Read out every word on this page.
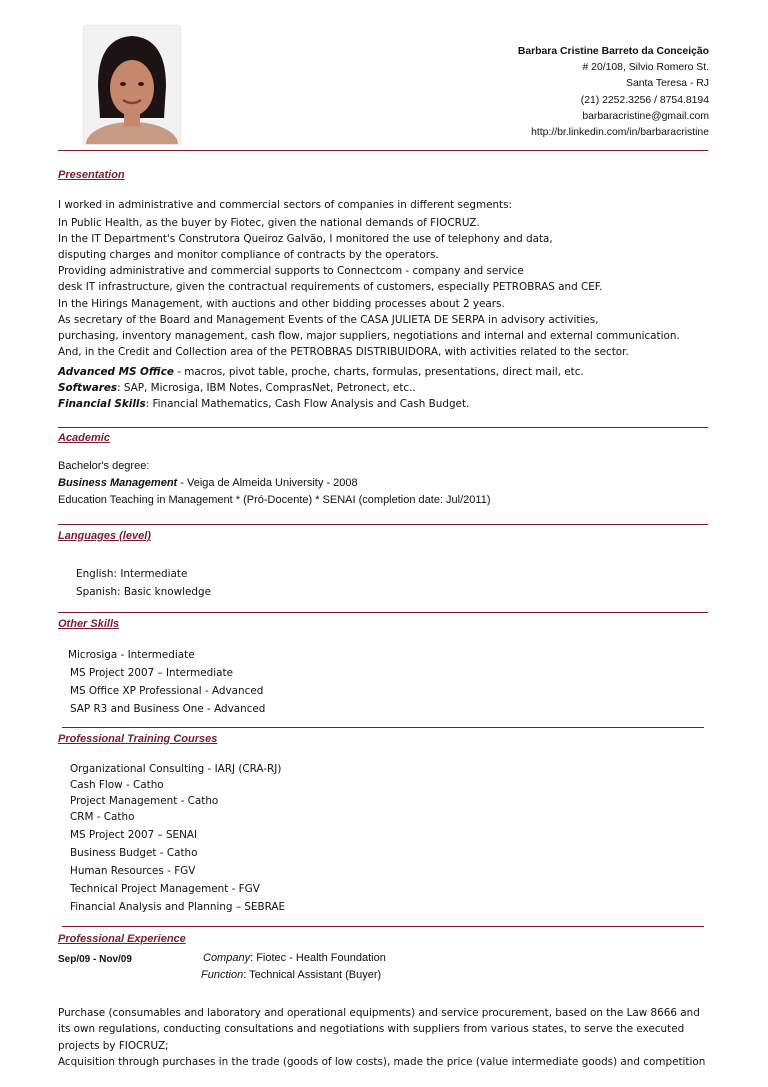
Barbara Cristine Barreto da Conceição
# 20/108, Silvio Romero St.
Santa Teresa - RJ
(21) 2252.3256 / 8754.8194
barbaracristine@gmail.com
http://br.linkedin.com/in/barbaracristine
Presentation
I worked in administrative and commercial sectors of companies in different segments:
In Public Health, as the buyer by Fiotec, given the national demands of FIOCRUZ.
In the IT Department's Construtora Queiroz Galvão, I monitored the use of telephony and data,
disputing charges and monitor compliance of contracts by the operators.
Providing administrative and commercial supports to Connectcom - company and service
desk IT infrastructure, given the contractual requirements of customers, especially PETROBRAS and CEF.
In the Hirings Management, with auctions and other bidding processes about 2 years.
As secretary of the Board and Management Events of the CASA JULIETA DE SERPA in advisory activities,
purchasing, inventory management, cash flow, major suppliers, negotiations and internal and external communication.
And, in the Credit and Collection area of the PETROBRAS DISTRIBUIDORA, with activities related to the sector.
Advanced MS Office - macros, pivot table, proche, charts, formulas, presentations, direct mail, etc.
Softwares: SAP, Microsiga, IBM Notes, ComprasNet, Petronect, etc..
Financial Skills: Financial Mathematics, Cash Flow Analysis and Cash Budget.
Academic
Bachelor's degree:
Business Management - Veiga de Almeida University - 2008
Education Teaching in Management * (Pró-Docente) * SENAI (completion date: Jul/2011)
Languages (level)
English: Intermediate
Spanish: Basic knowledge
Other Skills
Microsiga - Intermediate
MS Project 2007 – Intermediate
MS Office XP Professional - Advanced
SAP R3 and Business One - Advanced
Professional Training Courses
Organizational Consulting - IARJ (CRA-RJ)
Cash Flow - Catho
Project Management - Catho
CRM - Catho
MS Project 2007 – SENAI
Business Budget - Catho
Human Resources - FGV
Technical Project Management - FGV
Financial Analysis and Planning – SEBRAE
Professional Experience
Sep/09 - Nov/09	Company: Fiotec - Health Foundation
Function: Technical Assistant (Buyer)
Purchase (consumables and laboratory and operational equipments) and service procurement, based on the Law 8666 and
its own regulations, conducting consultations and negotiations with suppliers from various states, to serve the executed
projects by FIOCRUZ;
Acquisition through purchases in the trade (goods of low costs), made the price (value intermediate goods) and competition
